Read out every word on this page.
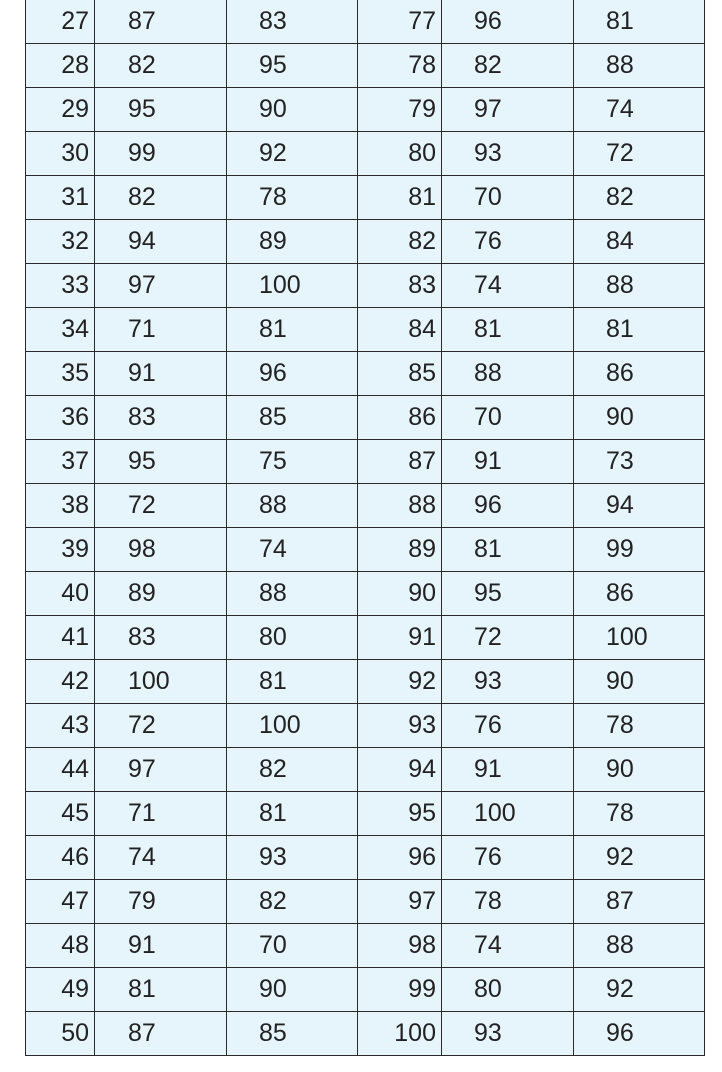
27	87	83	77	96	81
28	82	95	78	82	88
29	95	90	79	97	74
30	99	92	80	93	72
31	82	78	81	70	82
32	94	89	82	76	84
33	97	100	83	74	88
34	71	81	84	81	81
35	91	96	85	88	86
36	83	85	86	70	90
37	95	75	87	91	73
38	72	88	88	96	94
39	98	74	89	81	99
40	89	88	90	95	86
41	83	80	91	72	100
42	100	81	92	93	90
43	72	100	93	76	78
44	97	82	94	91	90
45	71	81	95	100	78
46	74	93	96	76	92
47	79	82	97	78	87
48	91	70	98	74	88
49	81	90	99	80	92
50	87	85	100	93	96
